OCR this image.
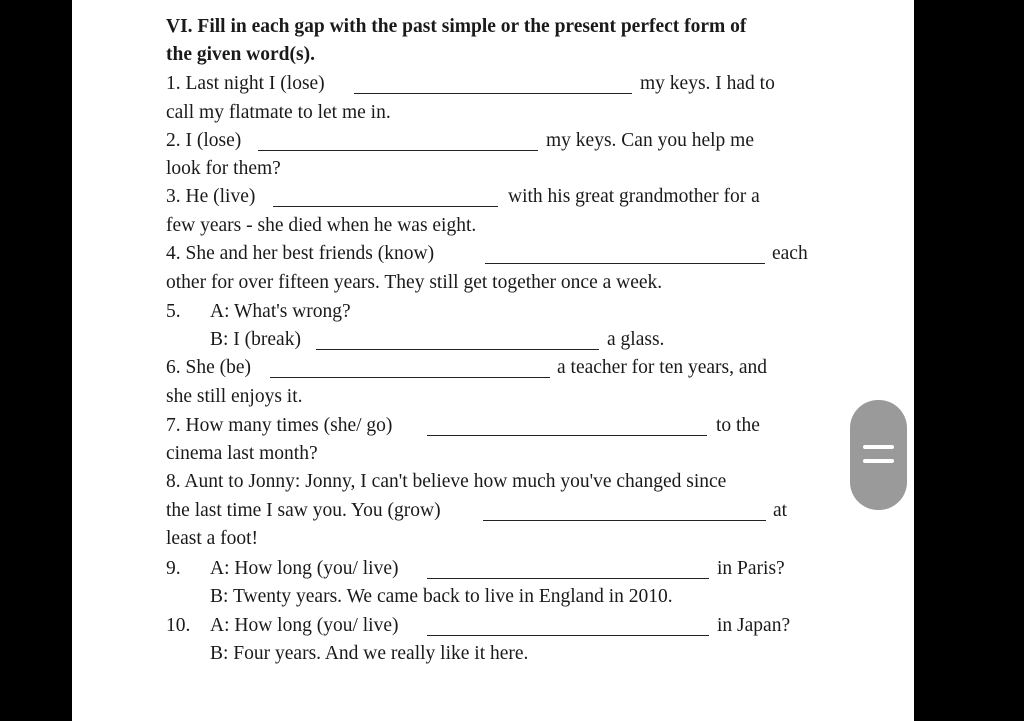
VI. Fill in each gap with the past simple or the present perfect form of
the given word(s).
1. Last night I (lose)	my keys. I had to
call my flatmate to let me in.
2. I (lose)	my keys. Can you help me
look for them?
3. He (live)	with his great grandmother for a
few years - she died when he was eight.
4. She and her best friends (know)	each
other for over fifteen years. They still get together once a week.
5. A: What's wrong?
B: I (break)	a glass.
6. She (be)	a teacher for ten years, and
she still enjoys it.
7. How many times (she/ go)	to the
cinema last month?
8. Aunt to Jonny: Jonny, I can't believe how much you've changed since
the last time I saw you. You (grow)	at
least a foot!
9. A: How long (you/ live)	in Paris?
B: Twenty years. We came back to live in England in 2010.
10. A: How long (you/ live)	in Japan?
B: Four years. And we really like it here.
